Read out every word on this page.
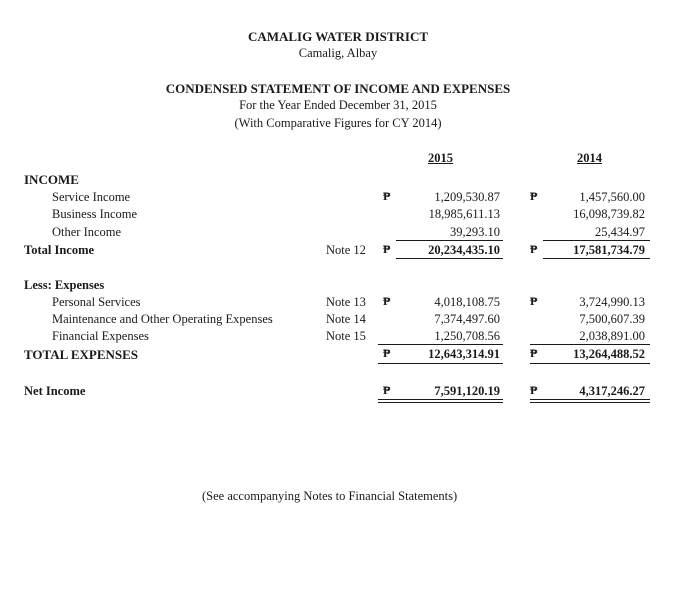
CAMALIG WATER DISTRICT
Camalig, Albay
CONDENSED STATEMENT OF INCOME AND EXPENSES
For the Year Ended December 31, 2015
(With Comparative Figures for CY 2014)
2015	2014
INCOME
Service Income	₱	1,209,530.87	₱	1,457,560.00
Business Income	18,985,611.13	16,098,739.82
Other Income	39,293.10	25,434.97
Total Income	Note 12 ₱	20,234,435.10	₱	17,581,734.79
Less: Expenses
Personal Services	Note 13 ₱	4,018,108.75	₱	3,724,990.13
Maintenance and Other Operating Expenses	Note 14	7,374,497.60	7,500,607.39
Financial Expenses	Note 15	1,250,708.56	2,038,891.00
TOTAL EXPENSES	₱	12,643,314.91	₱	13,264,488.52
Net Income	₱	7,591,120.19	₱	4,317,246.27
(See accompanying Notes to Financial Statements)
